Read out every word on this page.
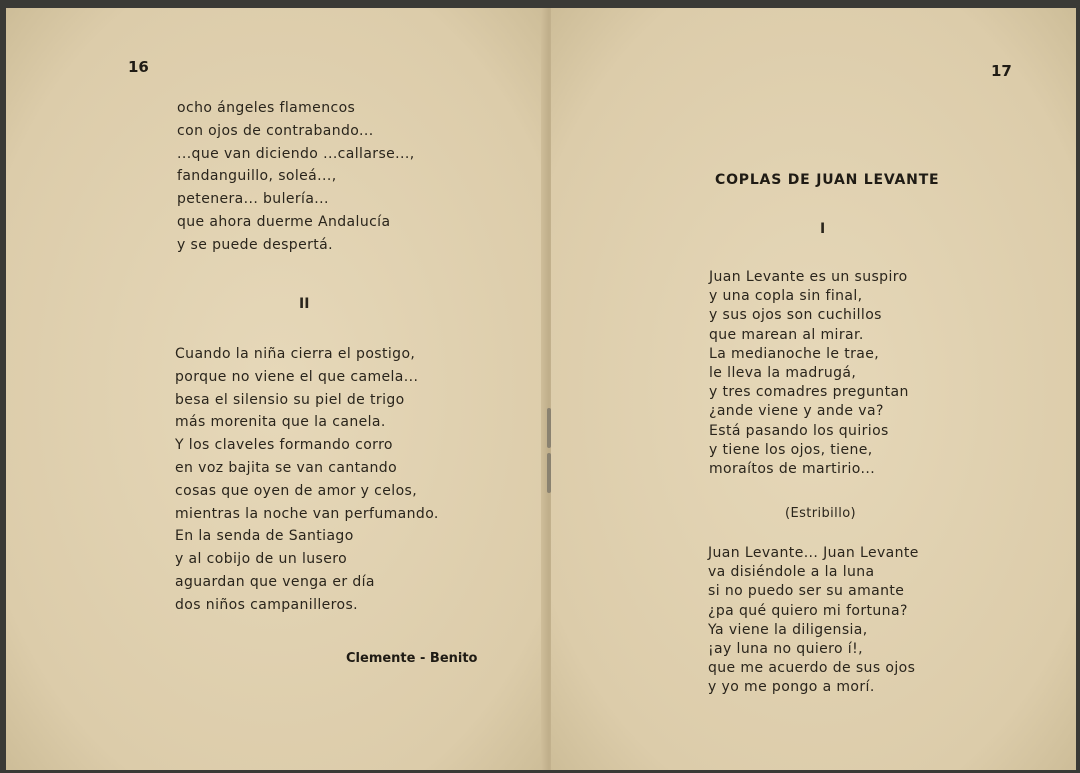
16
ocho ángeles flamencos
con ojos de contrabando...
...que van diciendo ...callarse...,
fandanguillo, soleá...,
petenera... bulería...
que ahora duerme Andalucía
y se puede despertá.
II
Cuando la niña cierra el postigo,
porque no viene el que camela...
besa el silensio su piel de trigo
más morenita que la canela.
Y los claveles formando corro
en voz bajita se van cantando
cosas que oyen de amor y celos,
mientras la noche van perfumando.
En la senda de Santiago
y al cobijo de un lusero
aguardan que venga er día
dos niños campanilleros.
Clemente - Benito
17
COPLAS DE JUAN LEVANTE
I
Juan Levante es un suspiro
y una copla sin final,
y sus ojos son cuchillos
que marean al mirar.
La medianoche le trae,
le lleva la madrugá,
y tres comadres preguntan
¿ande viene y ande va?
Está pasando los quirios
y tiene los ojos, tiene,
moraítos de martirio...
(Estribillo)
Juan Levante... Juan Levante
va disiéndole a la luna
si no puedo ser su amante
¿pa qué quiero mi fortuna?
Ya viene la diligensia,
¡ay luna no quiero í!,
que me acuerdo de sus ojos
y yo me pongo a morí.
